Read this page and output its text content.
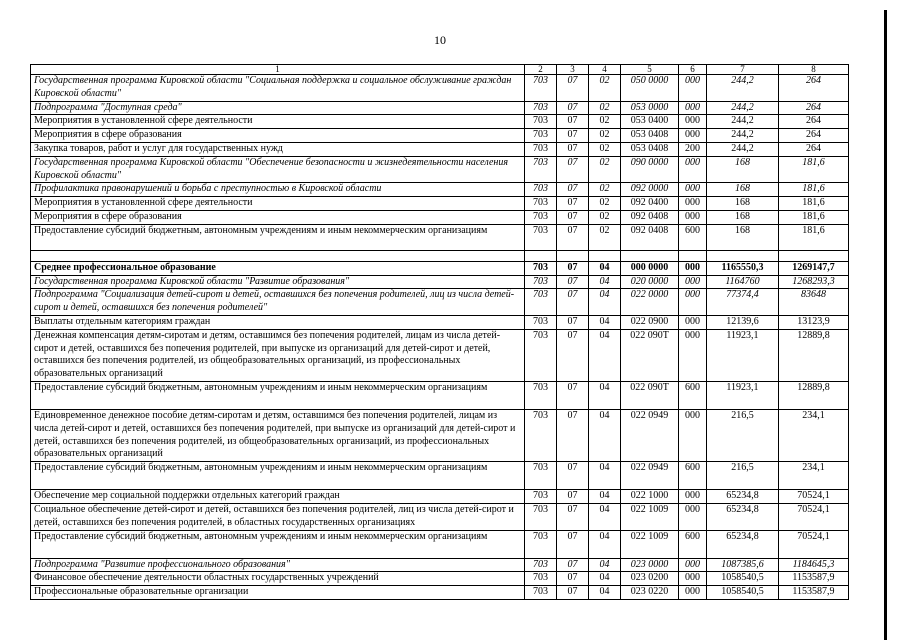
10
1	2	3	4	5	6	7	8
Государственная программа Кировской области "Социальная поддержка и социальное обслуживание граждан Кировской области"	703	07	02	050 0000	000	244,2	264
Подпрограмма "Доступная среда"	703	07	02	053 0000	000	244,2	264
Мероприятия в установленной сфере деятельности	703	07	02	053 0400	000	244,2	264
Мероприятия в сфере образования	703	07	02	053 0408	000	244,2	264
Закупка товаров, работ и услуг для государственных нужд	703	07	02	053 0408	200	244,2	264
Государственная программа Кировской области "Обеспечение безопасности и жизнедеятельности населения Кировской области"	703	07	02	090 0000	000	168	181,6
Профилактика правонарушений и борьба с преступностью в Кировской области	703	07	02	092 0000	000	168	181,6
Мероприятия в установленной сфере деятельности	703	07	02	092 0400	000	168	181,6
Мероприятия в сфере образования	703	07	02	092 0408	000	168	181,6
Предоставление субсидий бюджетным, автономным учреждениям и иным некоммерческим организациям	703	07	02	092 0408	600	168	181,6

Среднее профессиональное образование	703	07	04	000 0000	000	1165550,3	1269147,7
Государственная программа Кировской области "Развитие образования"	703	07	04	020 0000	000	1164760	1268293,3
Подпрограмма "Социализация детей-сирот и детей, оставшихся без попечения родителей, лиц из числа детей-сирот и детей, оставшихся без попечения родителей"	703	07	04	022 0000	000	77374,4	83648
Выплаты отдельным категориям граждан	703	07	04	022 0900	000	12139,6	13123,9
Денежная компенсация детям-сиротам и детям, оставшимся без попечения родителей, лицам из числа детей-сирот и детей, оставшихся без попечения родителей, при выпуске из организаций для детей-сирот и детей, оставшихся без попечения родителей, из общеобразовательных организаций, из профессиональных образовательных организаций	703	07	04	022 090Т	000	11923,1	12889,8
Предоставление субсидий бюджетным, автономным учреждениям и иным некоммерческим организациям	703	07	04	022 090Т	600	11923,1	12889,8
Единовременное денежное пособие детям-сиротам и детям, оставшимся без попечения родителей, лицам из числа детей-сирот и детей, оставшихся без попечения родителей, при выпуске из организаций для детей-сирот и детей, оставшихся без попечения родителей, из общеобразовательных организаций, из профессиональных образовательных организаций	703	07	04	022 0949	000	216,5	234,1
Предоставление субсидий бюджетным, автономным учреждениям и иным некоммерческим организациям	703	07	04	022 0949	600	216,5	234,1
Обеспечение мер социальной поддержки отдельных категорий граждан	703	07	04	022 1000	000	65234,8	70524,1
Социальное обеспечение детей-сирот и детей, оставшихся без попечения родителей, лиц из числа детей-сирот и детей, оставшихся без попечения родителей, в областных государственных организациях	703	07	04	022 1009	000	65234,8	70524,1
Предоставление субсидий бюджетным, автономным учреждениям и иным некоммерческим организациям	703	07	04	022 1009	600	65234,8	70524,1
Подпрограмма "Развитие профессионального образования"	703	07	04	023 0000	000	1087385,6	1184645,3
Финансовое обеспечение деятельности областных государственных учреждений	703	07	04	023 0200	000	1058540,5	1153587,9
Профессиональные образовательные организации	703	07	04	023 0220	000	1058540,5	1153587,9
